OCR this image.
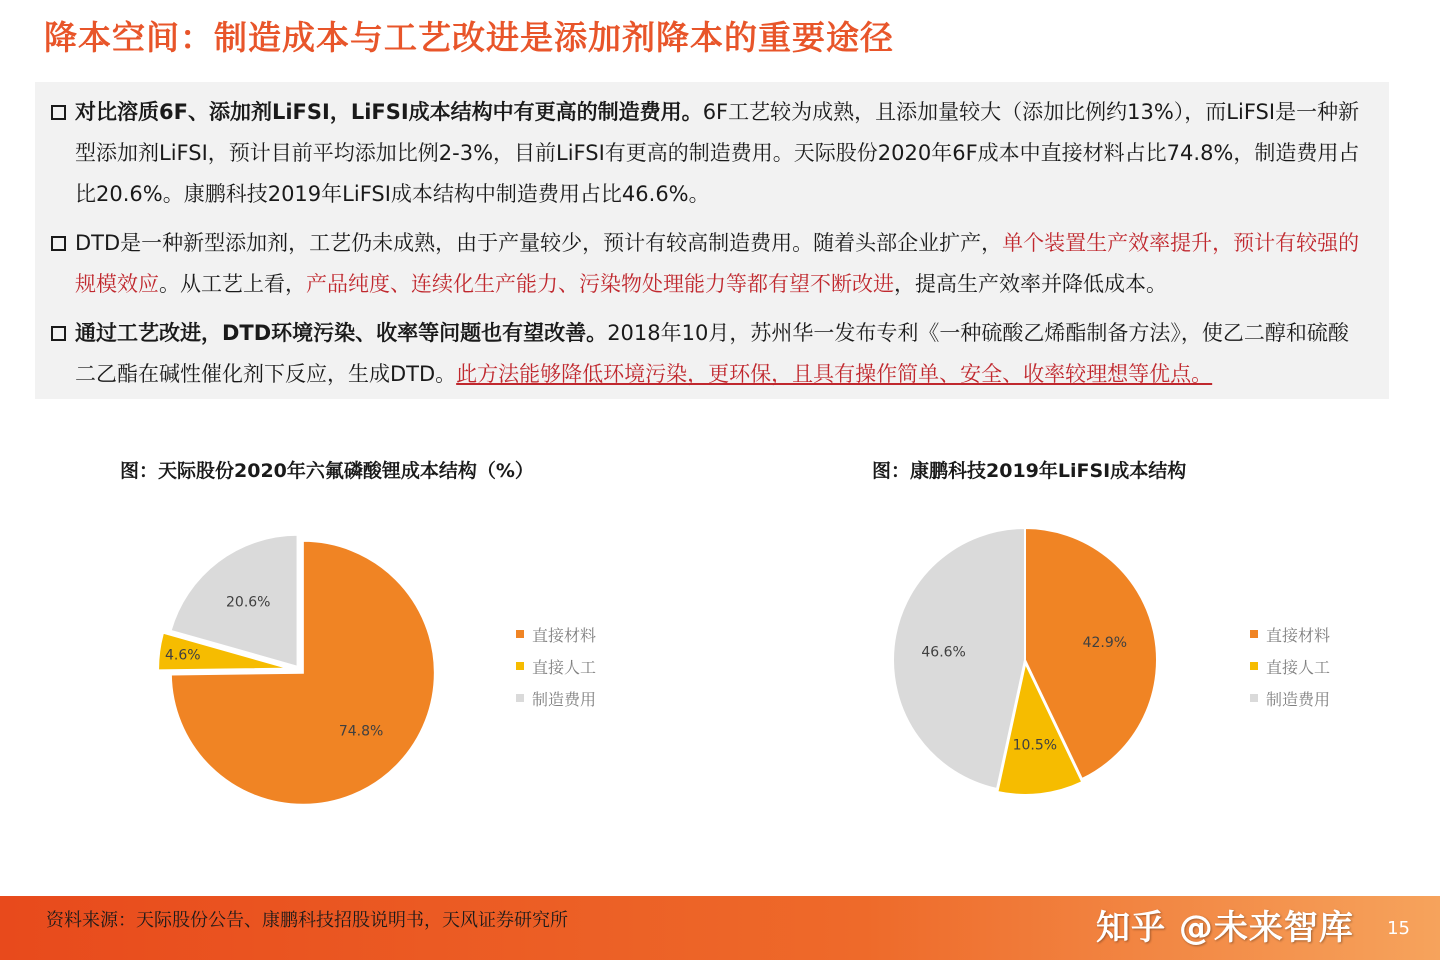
降本空间：制造成本与工艺改进是添加剂降本的重要途径
对比溶质6F、添加剂LiFSI，LiFSI成本结构中有更高的制造费用。6F工艺较为成熟，且添加量较大（添加比例约13%），而LiFSI是一种新型添加剂LiFSI，预计目前平均添加比例2-3%，目前LiFSI有更高的制造费用。天际股份2020年6F成本中直接材料占比74.8%，制造费用占比20.6%。康鹏科技2019年LiFSI成本结构中制造费用占比46.6%。
DTD是一种新型添加剂，工艺仍未成熟，由于产量较少，预计有较高制造费用。随着头部企业扩产，单个装置生产效率提升，预计有较强的规模效应。从工艺上看，产品纯度、连续化生产能力、污染物处理能力等都有望不断改进，提高生产效率并降低成本。
通过工艺改进，DTD环境污染、收率等问题也有望改善。2018年10月，苏州华一发布专利《一种硫酸乙烯酯制备方法》，使乙二醇和硫酸二乙酯在碱性催化剂下反应，生成DTD。此方法能够降低环境污染，更环保，且具有操作简单、安全、收率较理想等优点。
图：天际股份2020年六氟磷酸锂成本结构（%）
74.8%
4.6%
20.6%
直接材料
直接人工
制造费用
图：康鹏科技2019年LiFSI成本结构
42.9%
10.5%
46.6%
直接材料
直接人工
制造费用
资料来源：天际股份公告、康鹏科技招股说明书，天风证券研究所	知乎 @未来智库 15
